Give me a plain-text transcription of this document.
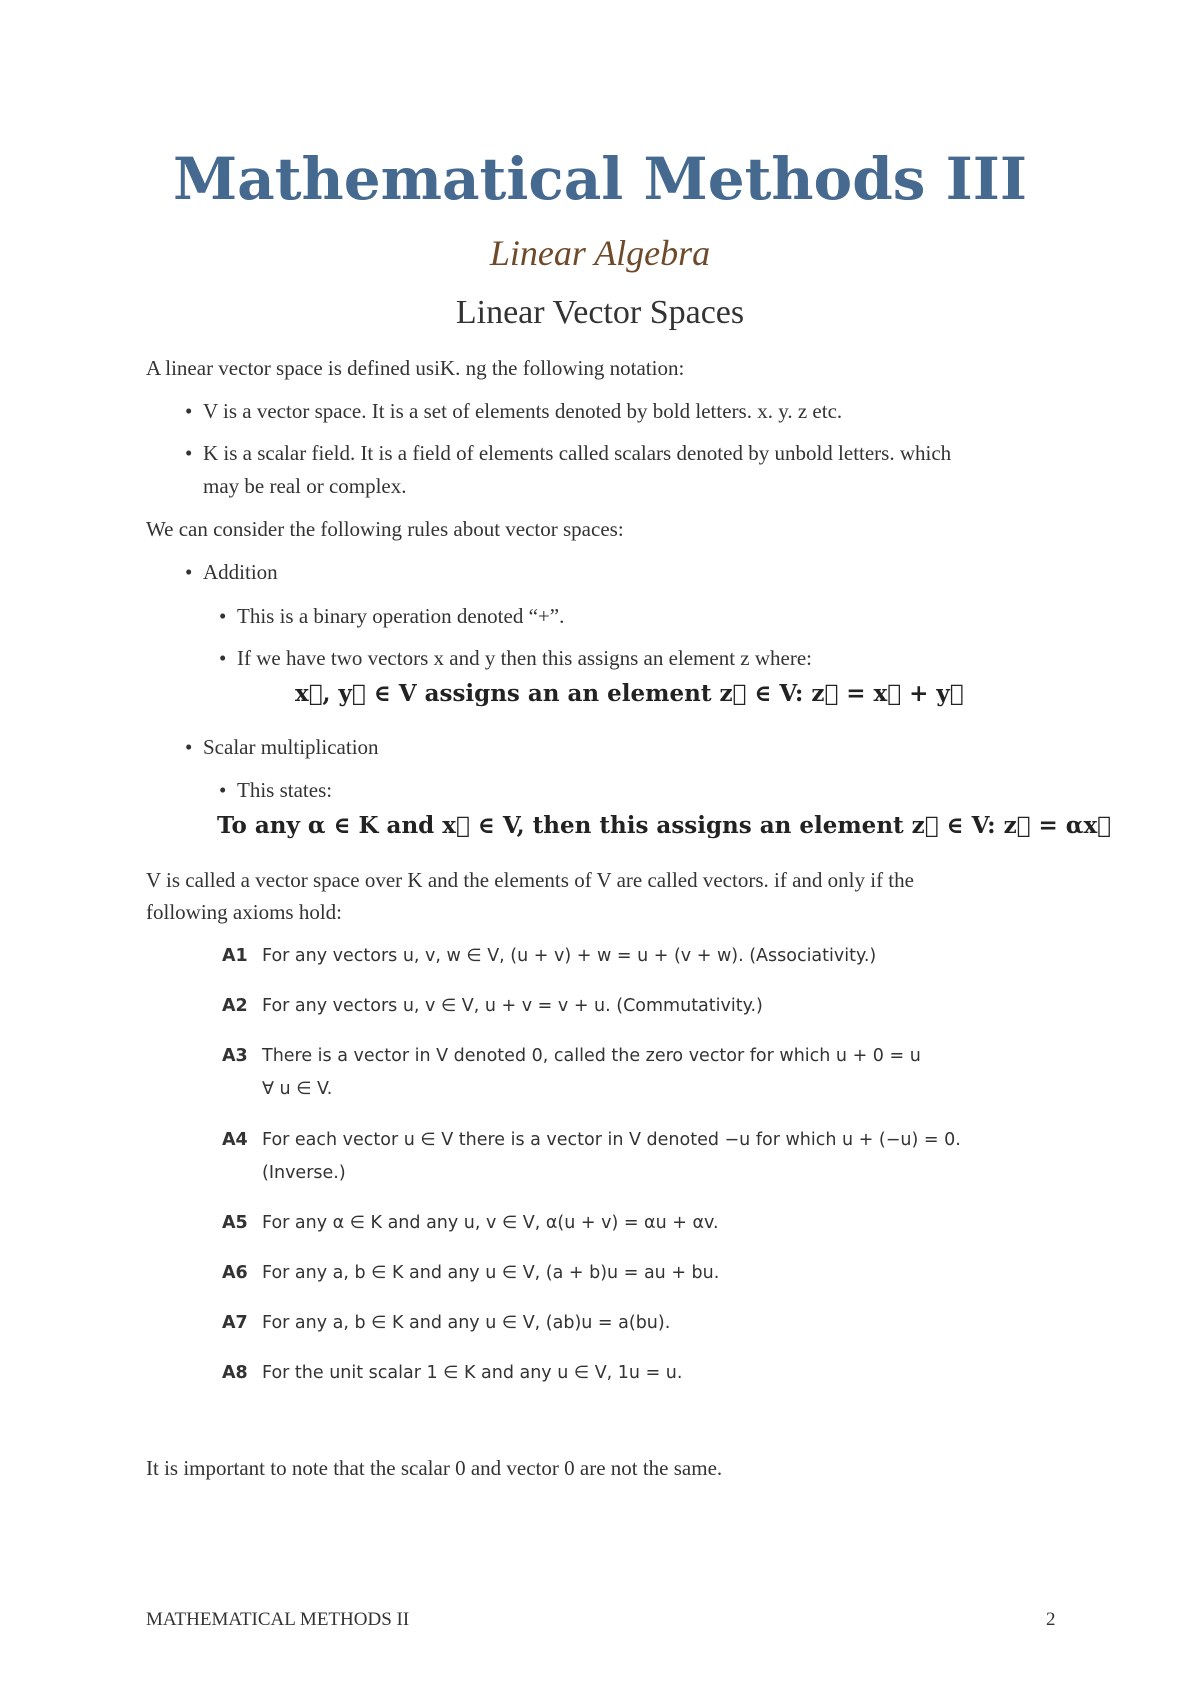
Mathematical Methods III
Linear Algebra
Linear Vector Spaces
A linear vector space is defined usiK. ng the following notation:
• V is a vector space. It is a set of elements denoted by bold letters. x. y. z etc.
• K is a scalar field. It is a field of elements called scalars denoted by unbold letters. which
may be real or complex.
We can consider the following rules about vector spaces:
• Addition
• This is a binary operation denoted “+”.
• If we have two vectors x and y then this assigns an element z where:
x⃗, y⃗ ∈ V assigns an an element z⃗ ∈ V: z⃗ = x⃗ + y⃗
• Scalar multiplication
• This states:
To any α ∈ K and x⃗ ∈ V, then this assigns an element z⃗ ∈ V: z⃗ = αx⃗
V is called a vector space over K and the elements of V are called vectors. if and only if the
following axioms hold:
A1 For any vectors u, v, w ∈ V, (u + v) + w = u + (v + w). (Associativity.)
A2 For any vectors u, v ∈ V, u + v = v + u. (Commutativity.)
A3 There is a vector in V denoted 0, called the zero vector for which u + 0 = u
∀ u ∈ V.
A4 For each vector u ∈ V there is a vector in V denoted −u for which u + (−u) = 0.
(Inverse.)
A5 For any α ∈ K and any u, v ∈ V, α(u + v) = αu + αv.
A6 For any a, b ∈ K and any u ∈ V, (a + b)u = au + bu.
A7 For any a, b ∈ K and any u ∈ V, (ab)u = a(bu).
A8 For the unit scalar 1 ∈ K and any u ∈ V, 1u = u.
It is important to note that the scalar 0 and vector 0 are not the same.
MATHEMATICAL METHODS II	2
